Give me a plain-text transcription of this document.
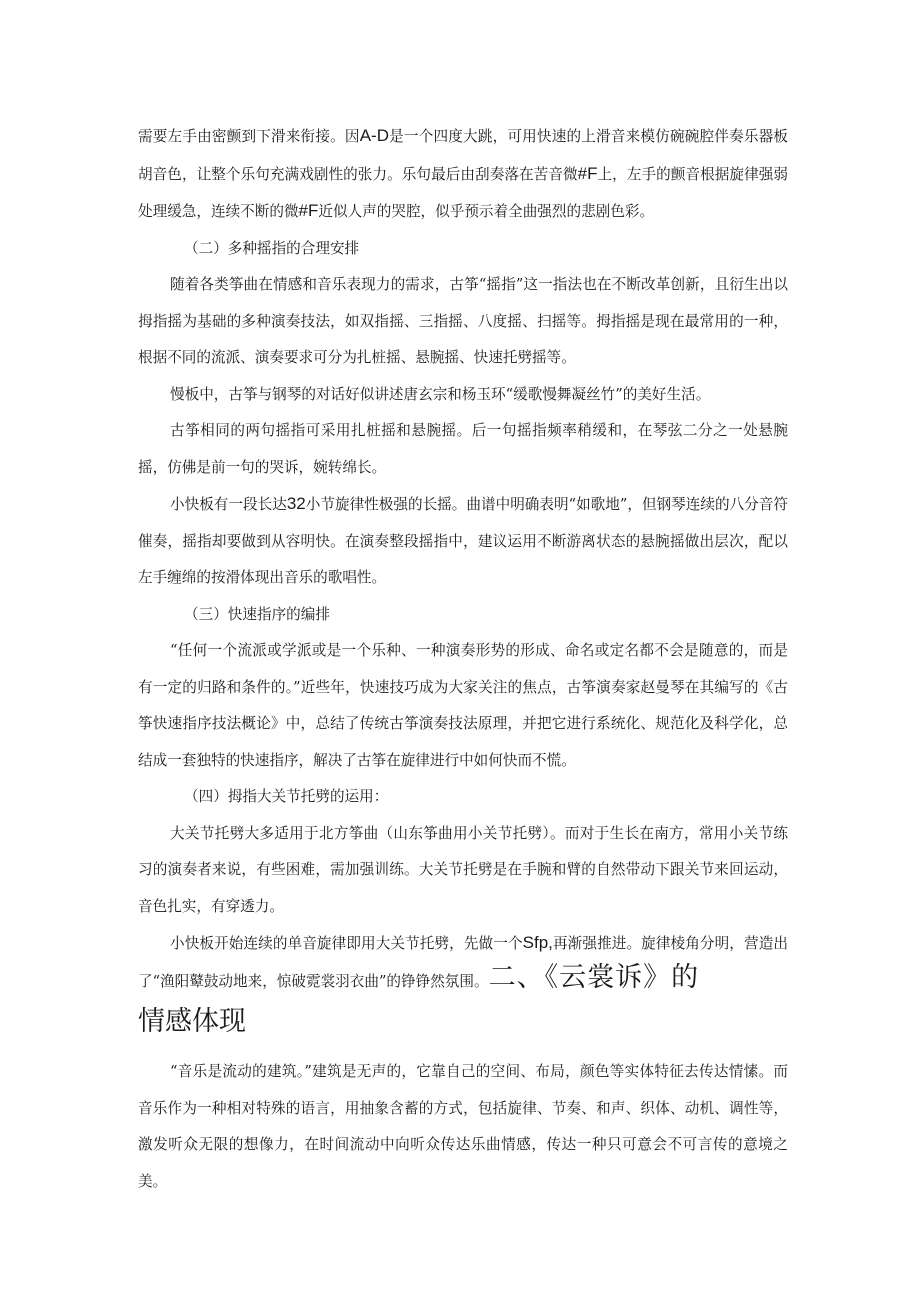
需要左手由密颤到下滑来衔接。因A-D是一个四度大跳，可用快速的上滑音来模仿碗碗腔伴奏乐器板胡音色，让整个乐句充满戏剧性的张力。乐句最后由刮奏落在苦音微#F上，左手的颤音根据旋律强弱处理缓急，连续不断的微#F近似人声的哭腔，似乎预示着全曲强烈的悲剧色彩。

（二）多种摇指的合理安排

随着各类筝曲在情感和音乐表现力的需求，古筝“摇指”这一指法也在不断改革创新，且衍生出以拇指摇为基础的多种演奏技法，如双指摇、三指摇、八度摇、扫摇等。拇指摇是现在最常用的一种，根据不同的流派、演奏要求可分为扎桩摇、悬腕摇、快速托劈摇等。

慢板中，古筝与钢琴的对话好似讲述唐玄宗和杨玉环“缓歌慢舞凝丝竹”的美好生活。

古筝相同的两句摇指可采用扎桩摇和悬腕摇。后一句摇指频率稍缓和，在琴弦二分之一处悬腕摇，仿佛是前一句的哭诉，婉转绵长。

小快板有一段长达32小节旋律性极强的长摇。曲谱中明确表明“如歌地”，但钢琴连续的八分音符催奏，摇指却要做到从容明快。在演奏整段摇指中，建议运用不断游离状态的悬腕摇做出层次，配以左手缠绵的按滑体现出音乐的歌唱性。

（三）快速指序的编排

“任何一个流派或学派或是一个乐种、一种演奏形势的形成、命名或定名都不会是随意的，而是有一定的归路和条件的。”近些年，快速技巧成为大家关注的焦点，古筝演奏家赵曼琴在其编写的《古筝快速指序技法概论》中，总结了传统古筝演奏技法原理，并把它进行系统化、规范化及科学化，总结成一套独特的快速指序，解决了古筝在旋律进行中如何快而不慌。

（四）拇指大关节托劈的运用：

大关节托劈大多适用于北方筝曲（山东筝曲用小关节托劈）。而对于生长在南方，常用小关节练习的演奏者来说，有些困难，需加强训练。大关节托劈是在手腕和臂的自然带动下跟关节来回运动，音色扎实，有穿透力。

小快板开始连续的单音旋律即用大关节托劈，先做一个Sfp,再渐强推进。旋律棱角分明，营造出了“渔阳鼙鼓动地来，惊破霓裳羽衣曲”的铮铮然氛围。二、《云裳诉》的

情感体现

“音乐是流动的建筑。”建筑是无声的，它靠自己的空间、布局，颜色等实体特征去传达情愫。而音乐作为一种相对特殊的语言，用抽象含蓄的方式，包括旋律、节奏、和声、织体、动机、调性等，激发听众无限的想像力，在时间流动中向听众传达乐曲情感，传达一种只可意会不可言传的意境之美。
